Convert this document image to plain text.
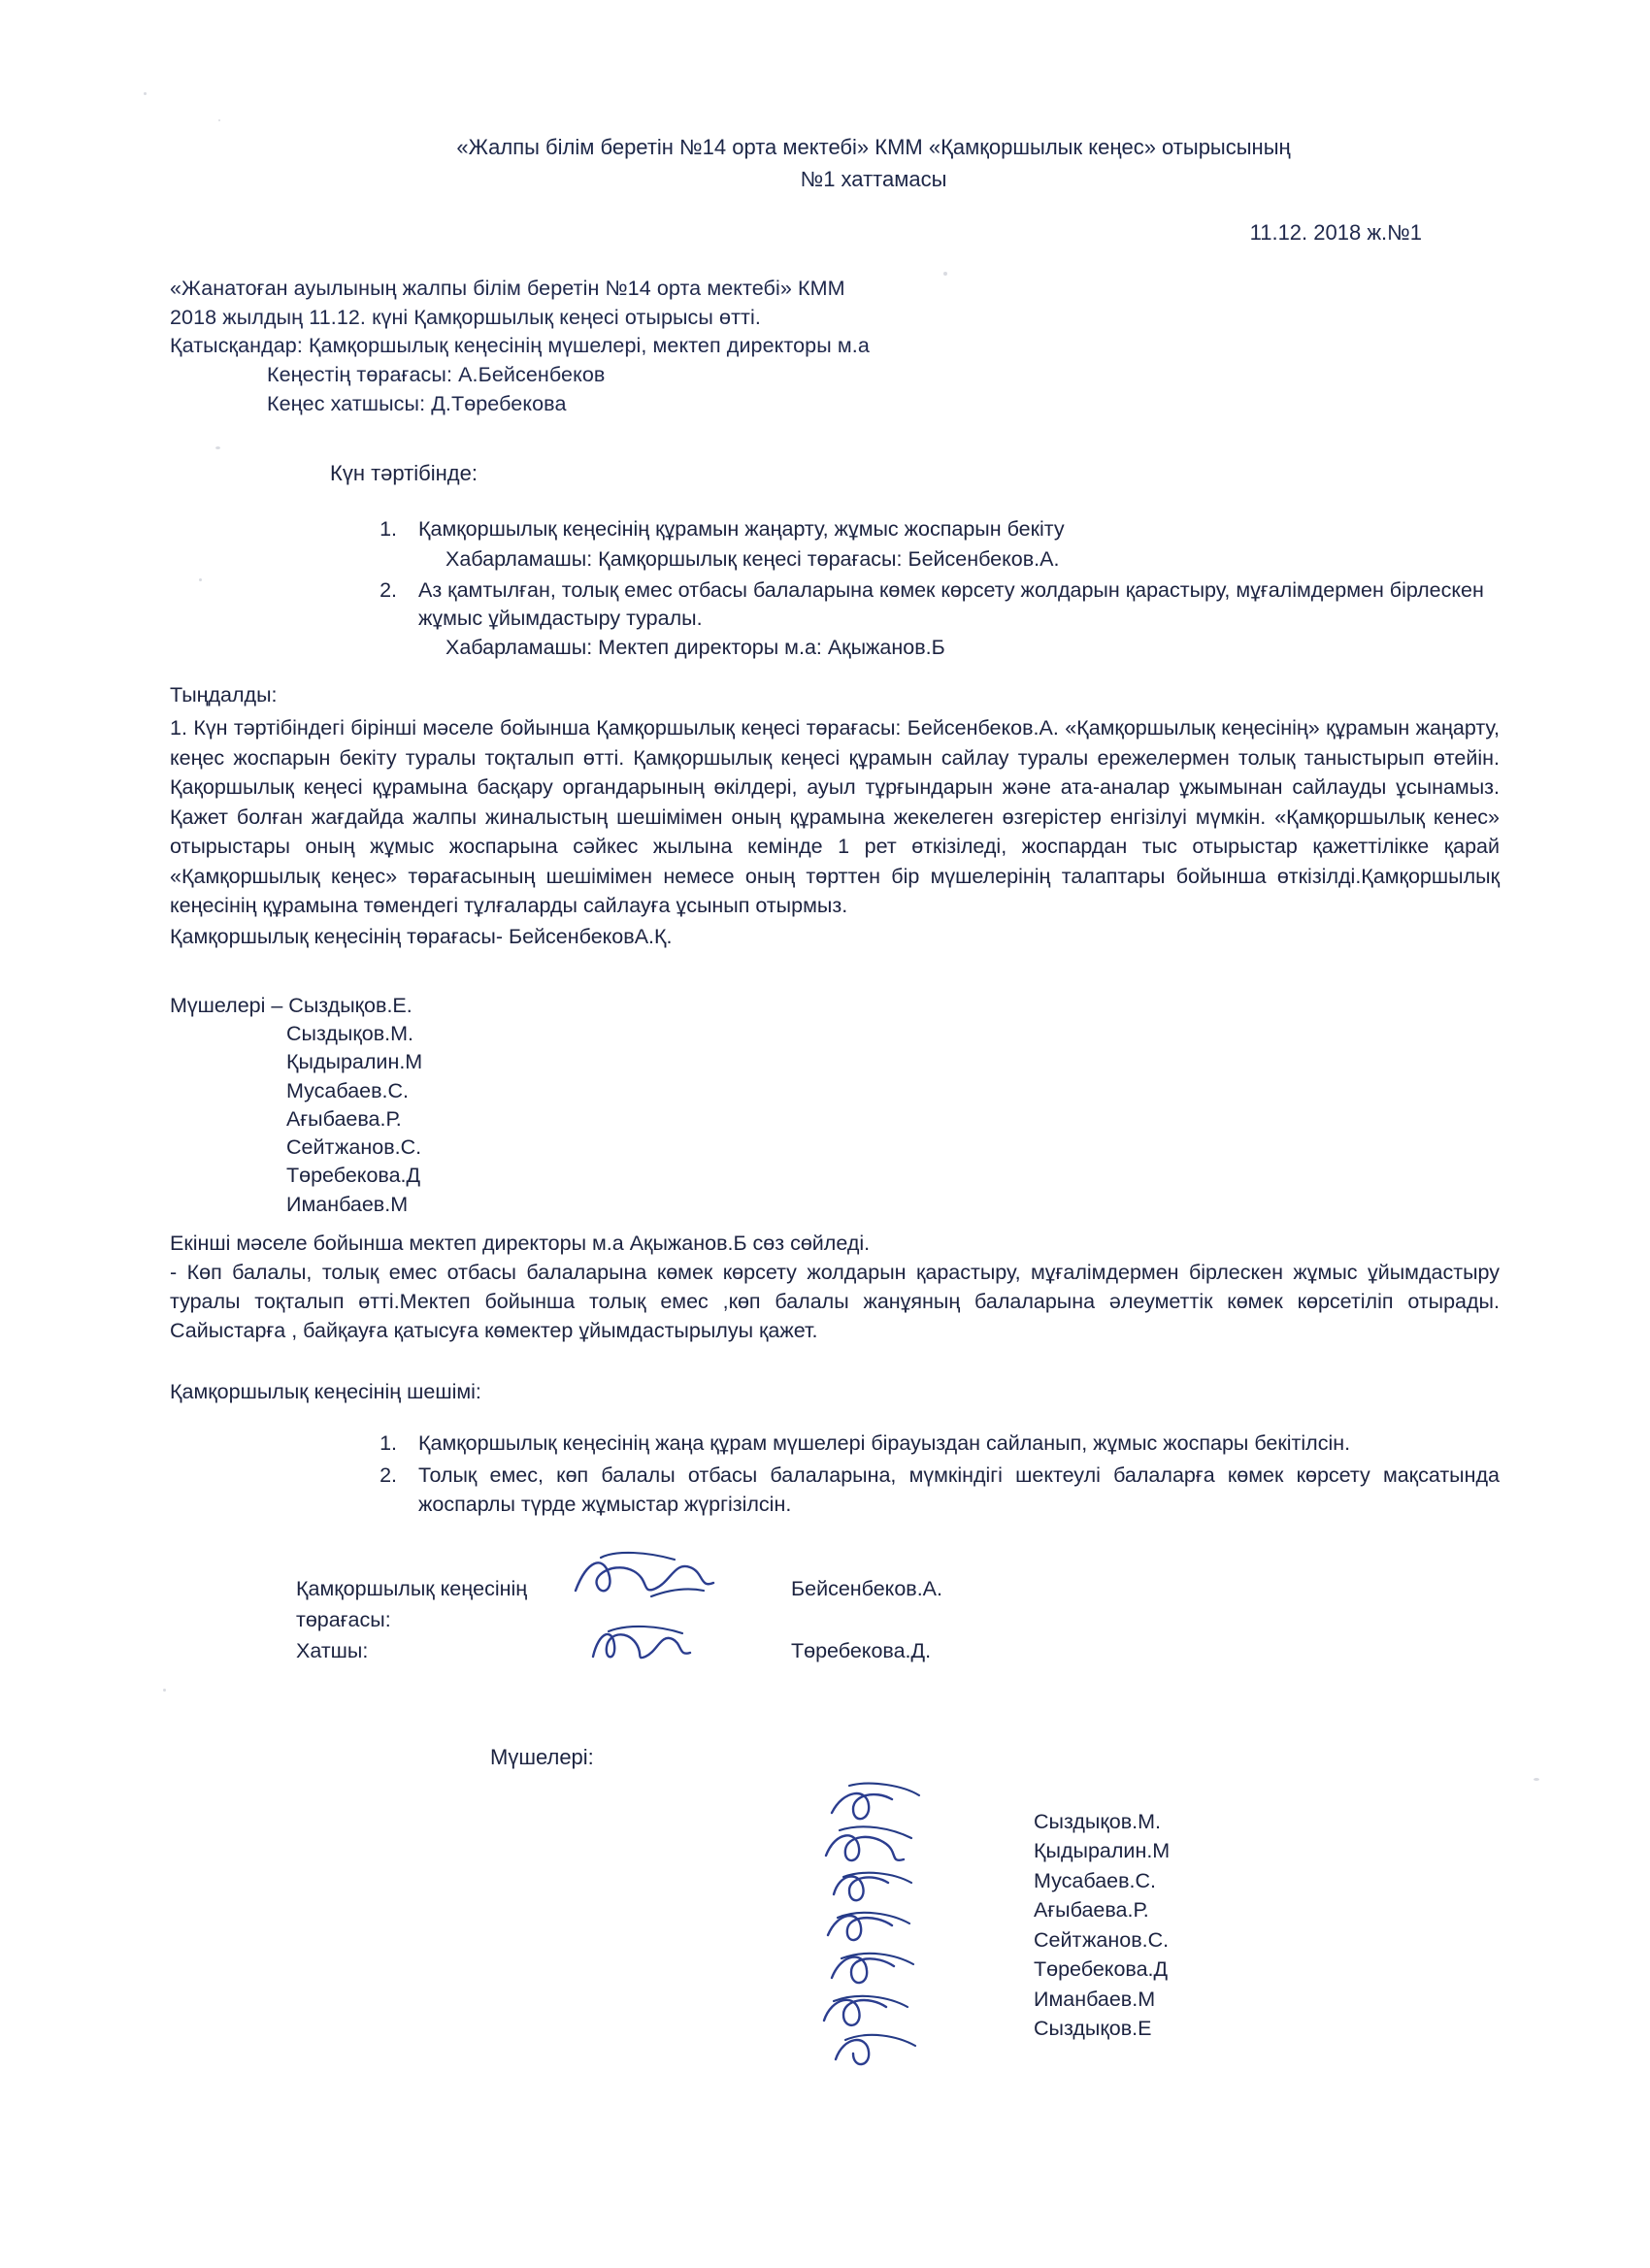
«Жалпы білім беретін №14 орта мектебі» КММ «Қамқоршылык кеңес» отырысының
№1 хаттамасы
11.12. 2018 ж.№1
«Жанатоған ауылының жалпы білім беретін №14 орта мектебі» КММ
2018 жылдың 11.12. күні Қамқоршылық кеңесі отырысы өтті.
Қатысқандар: Қамқоршылық кеңесінің мүшелері, мектеп директоры м.а
Кеңестің төрағасы: А.Бейсенбеков
Кеңес хатшысы: Д.Төребекова
Күн тәртібінде:
1. Қамқоршылық кеңесінің құрамын жаңарту, жұмыс жоспарын бекіту
Хабарламашы: Қамқоршылық кеңесі төрағасы: Бейсенбеков.А.
2. Аз қамтылған, толық емес отбасы балаларына көмек көрсету жолдарын қарастыру, мұғалімдермен бірлескен жұмыс ұйымдастыру туралы.
Хабарламашы: Мектеп директоры м.а: Ақыжанов.Б
Тыңдалды:
1. Күн тәртібіндегі бірінші мәселе бойынша Қамқоршылық кеңесі төрағасы: Бейсенбеков.А. «Қамқоршылық кеңесінің» құрамын жаңарту, кеңес жоспарын бекіту туралы тоқталып өтті. Қамқоршылық кеңесі құрамын сайлау туралы ережелермен толық таныстырып өтейін. Қақоршылық кеңесі құрамына басқару органдарының өкілдері, ауыл тұрғындарын және ата-аналар ұжымынан сайлауды ұсынамыз. Қажет болған жағдайда жалпы жиналыстың шешімімен оның құрамына жекелеген өзгерістер енгізілуі мүмкін. «Қамқоршылық кенес» отырыстары оның жұмыс жоспарына сәйкес жылына кемінде 1 рет өткізіледі, жоспардан тыс отырыстар қажеттілікке қарай «Қамқоршылық кеңес» төрағасының шешімімен немесе оның төрттен бір мүшелерінің талаптары бойынша өткізілді.Қамқоршылық кеңесінің құрамына төмендегі тұлғаларды сайлауға ұсынып отырмыз.
Қамқоршылық кеңесінің төрағасы- БейсенбековА.Қ.
Мүшелері – Сыздықов.Е.
Сыздықов.М.
Қыдыралин.М
Мусабаев.С.
Ағыбаева.Р.
Сейтжанов.С.
Төребекова.Д
Иманбаев.М
Екінші мәселе бойынша мектеп директоры м.а Ақыжанов.Б сөз сөйледі.
- Көп балалы, толық емес отбасы балаларына көмек көрсету жолдарын қарастыру, мұғалімдермен бірлескен жұмыс ұйымдастыру туралы тоқталып өтті.Мектеп бойынша толық емес ,көп балалы жанұяның балаларына әлеуметтік көмек көрсетіліп отырады. Сайыстарға , байқауға қатысуға көмектер ұйымдастырылуы қажет.
Қамқоршылық кеңесінің шешімі:
1. Қамқоршылық кеңесінің жаңа құрам мүшелері бірауыздан сайланып, жұмыс жоспары бекітілсін.
2. Толық емес, көп балалы отбасы балаларына, мүмкіндігі шектеулі балаларға көмек көрсету мақсатында жоспарлы түрде жұмыстар жүргізілсін.
Қамқоршылық кеңесінің төрағасы:
Бейсенбеков.А.
Хатшы:	Төребекова.Д.
Мүшелері:
Сыздықов.М.
Қыдыралин.М
Мусабаев.С.
Ағыбаева.Р.
Сейтжанов.С.
Төребекова.Д
Иманбаев.М
Сыздықов.Е
